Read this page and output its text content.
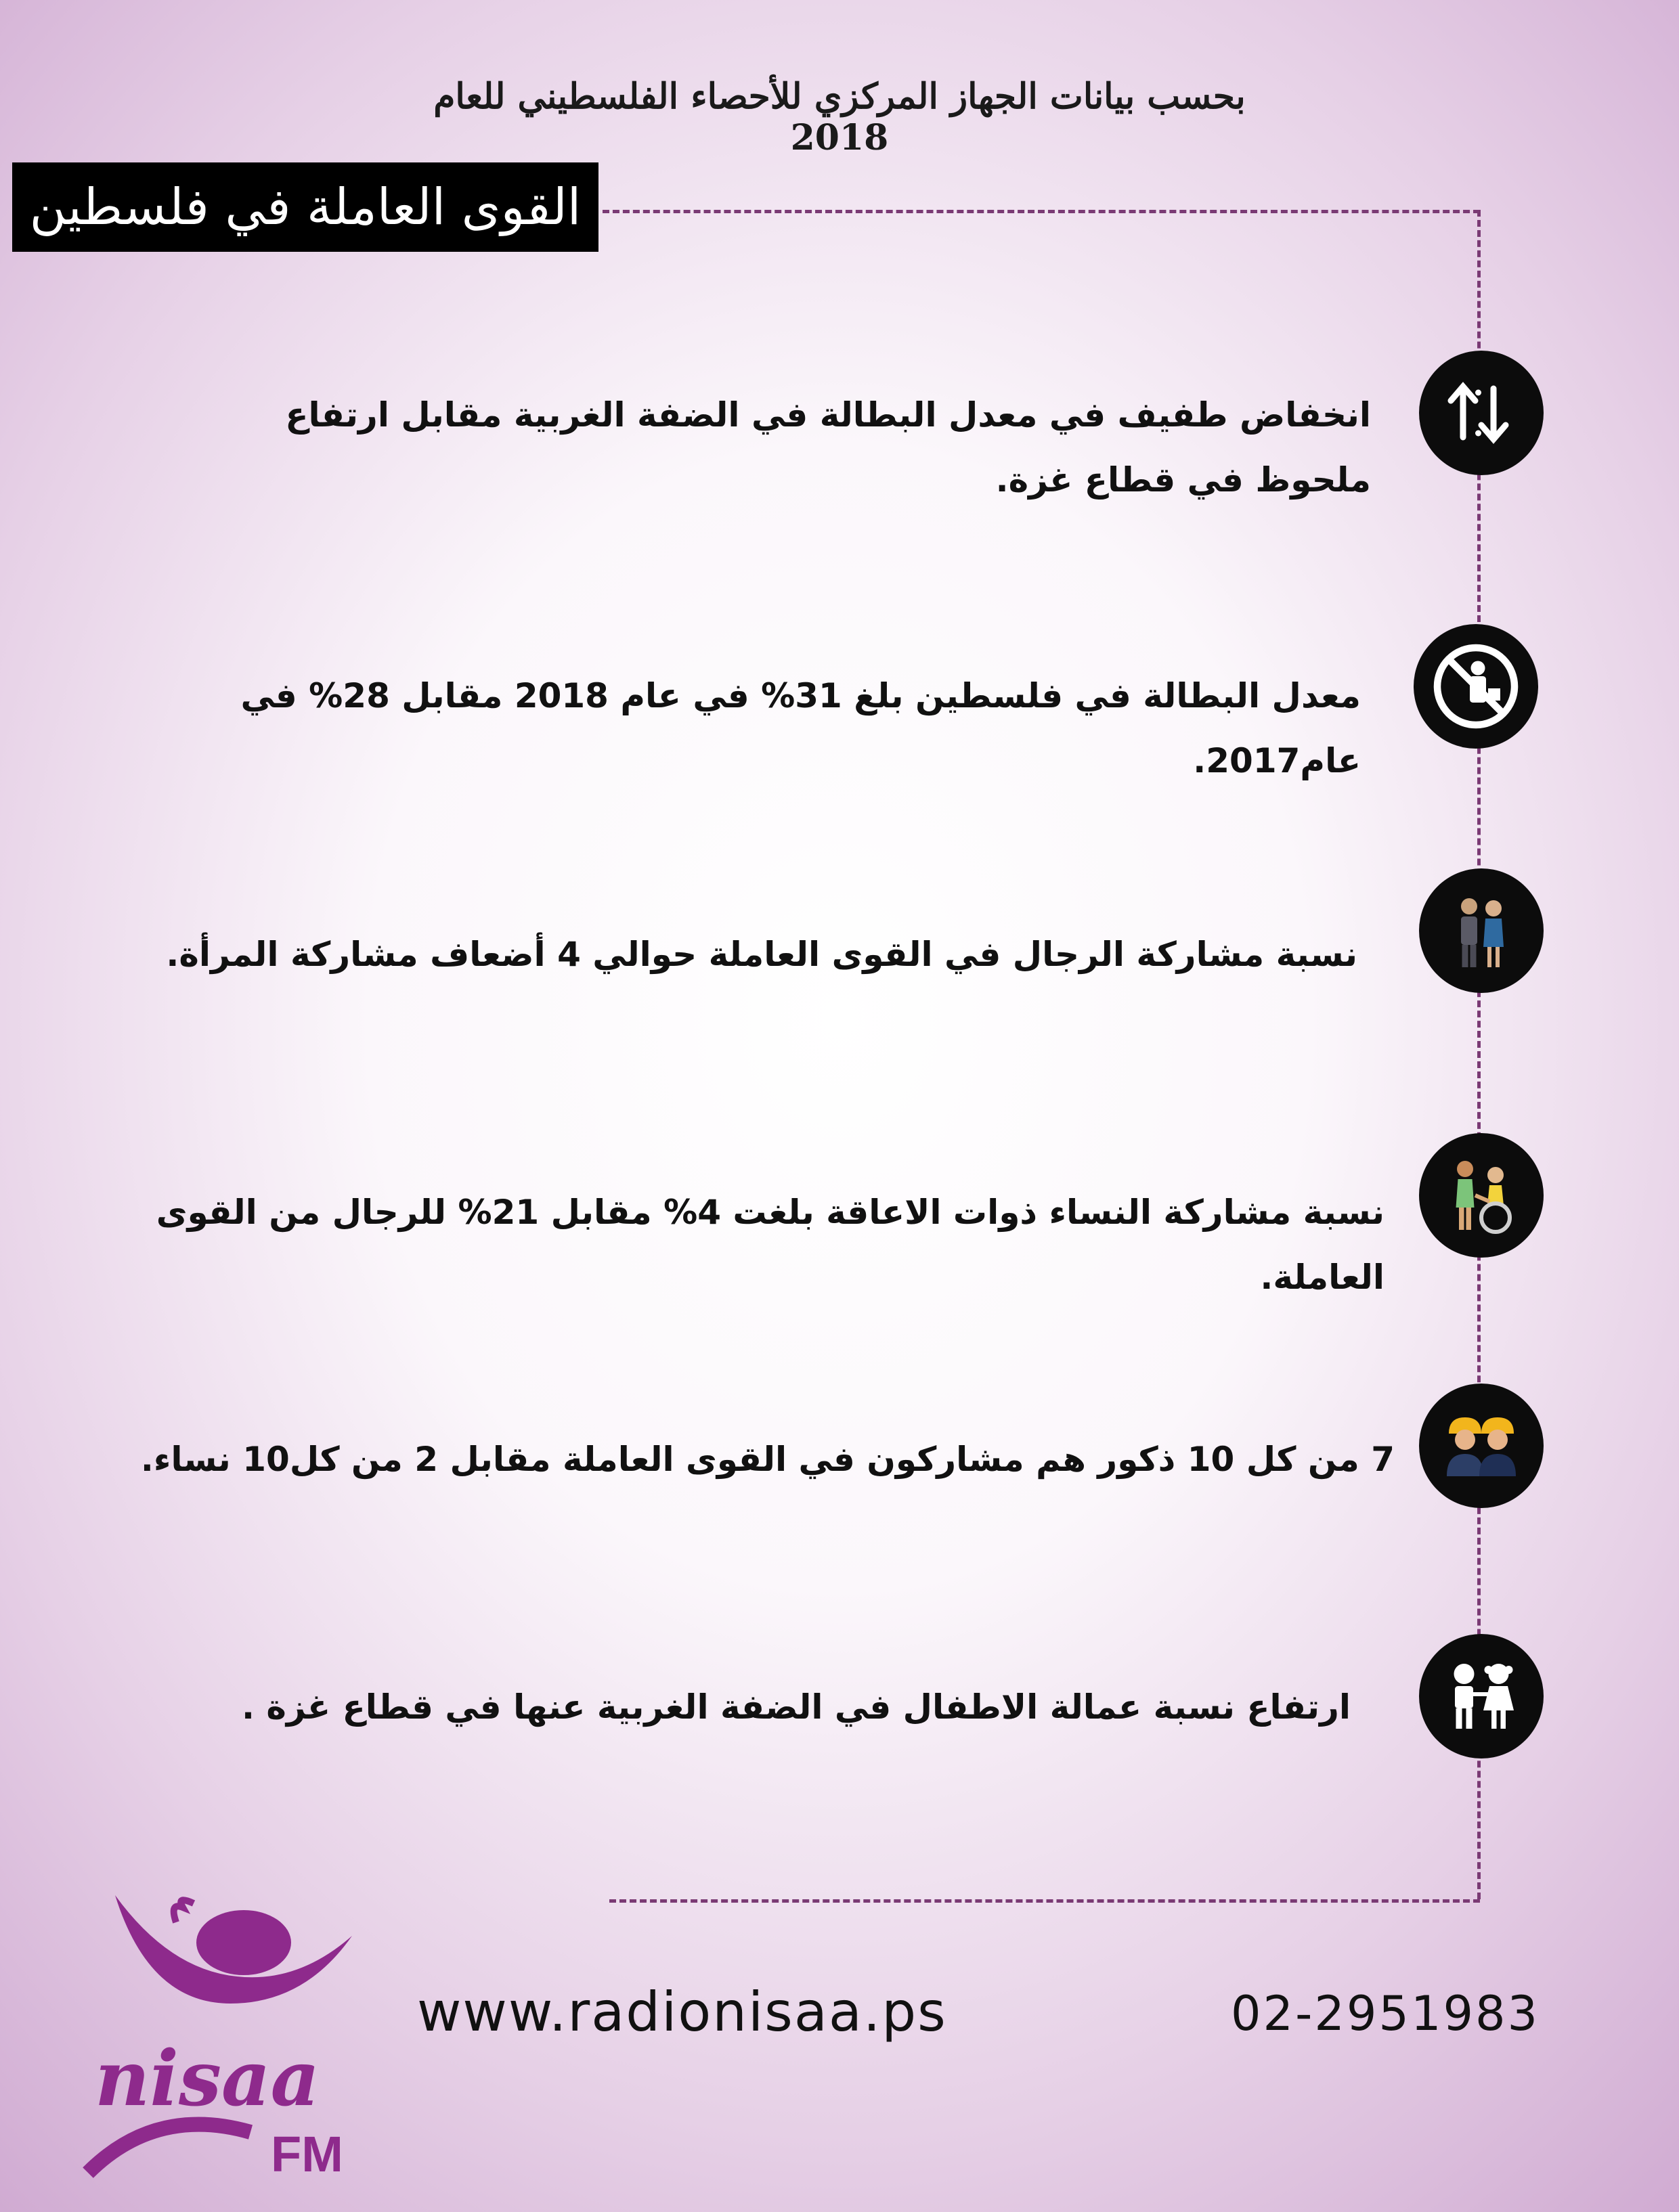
بحسب بيانات الجهاز المركزي للأحصاء الفلسطيني للعام 2018
القوى العاملة في فلسطين
انخفاض طفيف في معدل البطالة في الضفة الغربية مقابل ارتفاع ملحوظ في قطاع غزة.
معدل البطالة في فلسطين بلغ 31% في عام 2018 مقابل 28% في عام2017.
نسبة مشاركة الرجال في القوى العاملة حوالي 4 أضعاف مشاركة المرأة.
نسبة مشاركة النساء ذوات الاعاقة بلغت 4% مقابل 21% للرجال من القوى العاملة.
7 من كل 10 ذكور هم مشاركون في القوى العاملة مقابل 2 من كل10 نساء.
ارتفاع نسبة عمالة الاطفال في الضفة الغربية عنها في قطاع غزة .
nisaa
FM
www.radionisaa.ps	02-2951983
